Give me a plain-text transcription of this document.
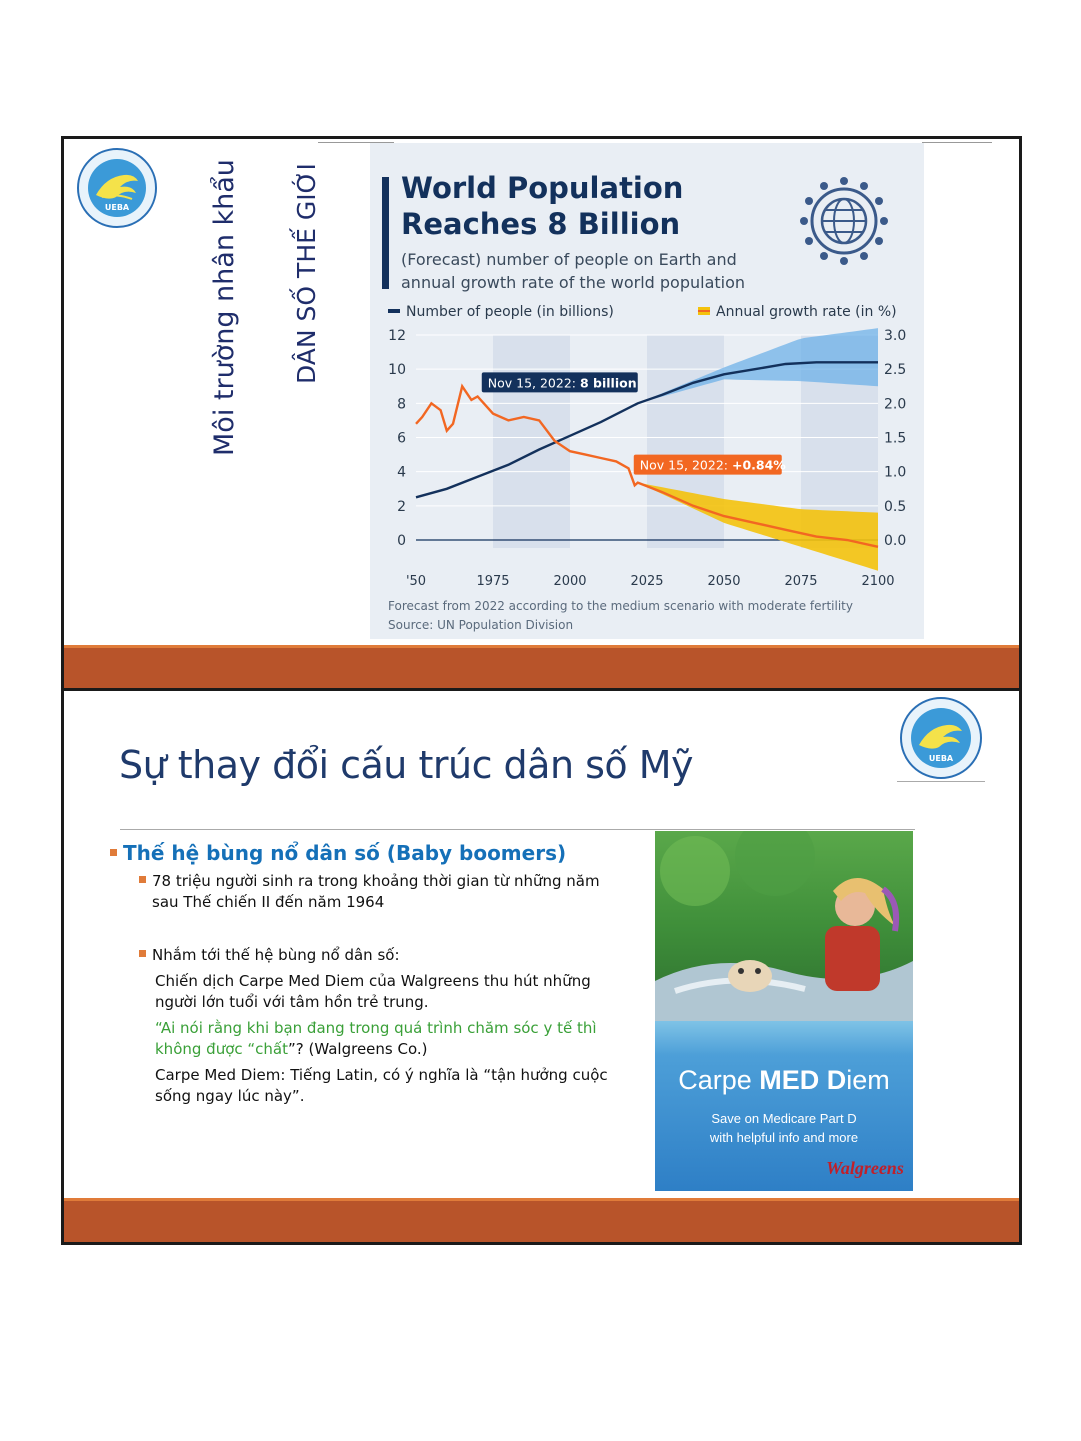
UEBA	Môi trường nhân khẩu DÂN SỐ THẾ GIỚI	World Population
Reaches 8 Billion
(Forecast) number of people on Earth and
annual growth rate of the world population
Number of people (in billions)	Annual growth rate (in %)
0	0.0
2	0.5
4	1.0
6	1.5
8	2.0
10	2.5
12	3.0
'50	1975	2000	2025	2050	2075	2100
Nov 15, 2022: 8 billion
Nov 15, 2022: +0.84%
Forecast from 2022 according to the medium scenario with moderate fertility
Source: UN Population Division
Sự thay đổi cấu trúc dân số Mỹ	UEBA
Thế hệ bùng nổ dân số (Baby boomers)
78 triệu người sinh ra trong khoảng thời gian từ những năm sau Thế chiến II đến năm 1964
Nhắm tới thế hệ bùng nổ dân số:
Chiến dịch Carpe Med Diem của Walgreens thu hút những người lớn tuổi với tâm hồn trẻ trung.
“Ai nói rằng khi bạn đang trong quá trình chăm sóc y tế thì không được “chất”? (Walgreens Co.)
Carpe Med Diem: Tiếng Latin, có ý nghĩa là “tận hưởng cuộc sống ngay lúc này”.
Carpe MED Diem
Save on Medicare Part D
with helpful info and more
Walgreens
